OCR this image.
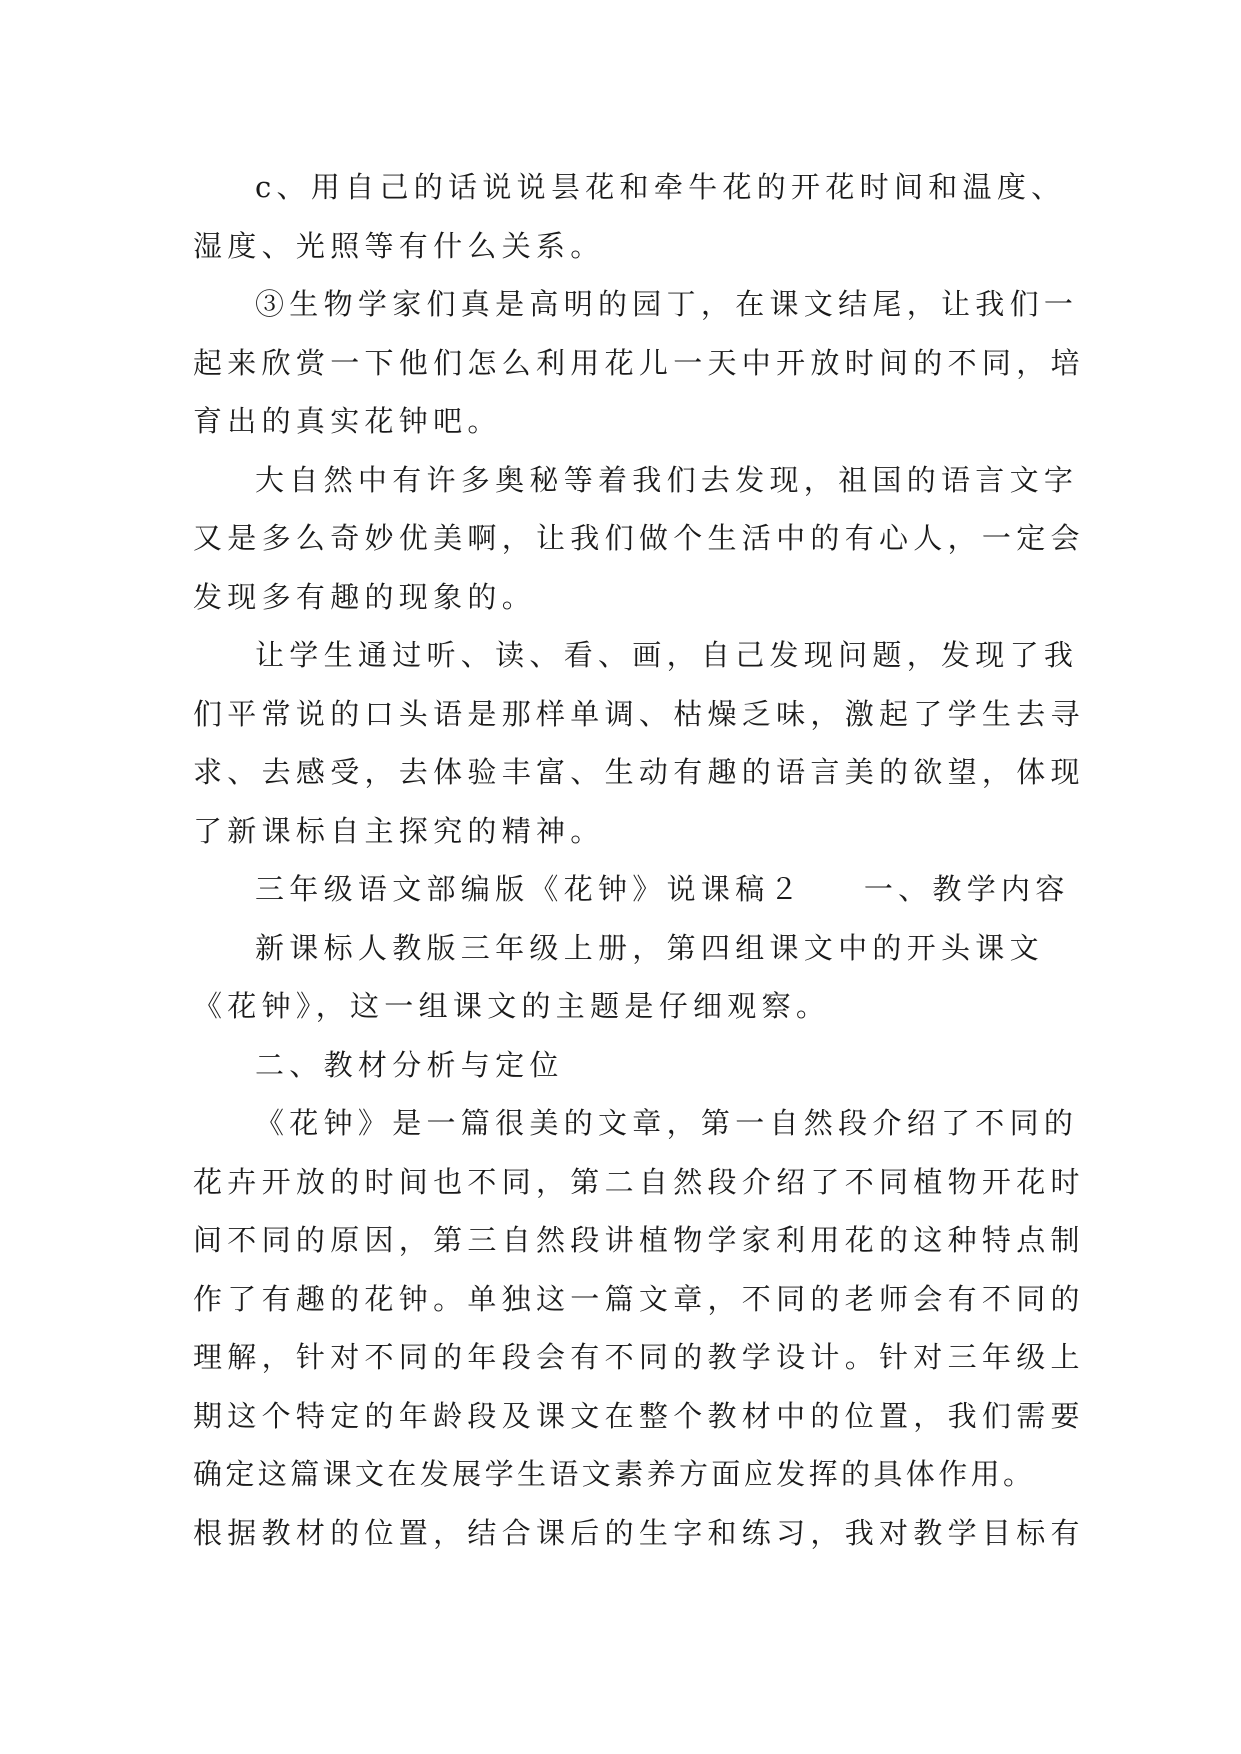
c、用自己的话说说昙花和牵牛花的开花时间和温度、
湿度、光照等有什么关系。
③生物学家们真是高明的园丁，在课文结尾，让我们一
起来欣赏一下他们怎么利用花儿一天中开放时间的不同，培
育出的真实花钟吧。
大自然中有许多奥秘等着我们去发现，祖国的语言文字
又是多么奇妙优美啊，让我们做个生活中的有心人，一定会
发现多有趣的现象的。
让学生通过听、读、看、画，自己发现问题，发现了我
们平常说的口头语是那样单调、枯燥乏味，激起了学生去寻
求、去感受，去体验丰富、生动有趣的语言美的欲望，体现
了新课标自主探究的精神。
三年级语文部编版《花钟》说课稿２ 一、教学内容
新课标人教版三年级上册，第四组课文中的开头课文
《花钟》，这一组课文的主题是仔细观察。
二、教材分析与定位
《花钟》是一篇很美的文章，第一自然段介绍了不同的
花卉开放的时间也不同，第二自然段介绍了不同植物开花时
间不同的原因，第三自然段讲植物学家利用花的这种特点制
作了有趣的花钟。单独这一篇文章，不同的老师会有不同的
理解，针对不同的年段会有不同的教学设计。针对三年级上
期这个特定的年龄段及课文在整个教材中的位置，我们需要
确定这篇课文在发展学生语文素养方面应发挥的具体作用。
根据教材的位置，结合课后的生字和练习，我对教学目标有
